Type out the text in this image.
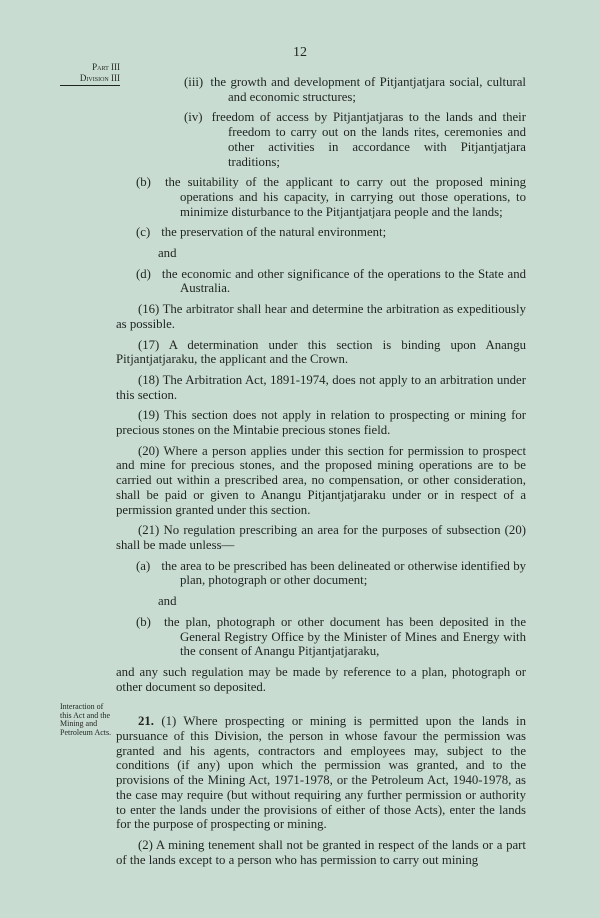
12

Part III
Division III
Interaction of this Act and the Mining and Petroleum Acts.

(iii) the growth and development of Pitjantjatjara social, cultural and economic structures;

(iv) freedom of access by Pitjantjatjaras to the lands and their freedom to carry out on the lands rites, ceremonies and other activities in accordance with Pitjantjatjara traditions;

(b) the suitability of the applicant to carry out the proposed mining operations and his capacity, in carrying out those operations, to minimize disturbance to the Pitjantjatjara people and the lands;

(c) the preservation of the natural environment;

and

(d) the economic and other significance of the operations to the State and Australia.

(16) The arbitrator shall hear and determine the arbitration as expeditiously as possible.

(17) A determination under this section is binding upon Anangu Pitjantjatjaraku, the applicant and the Crown.

(18) The Arbitration Act, 1891-1974, does not apply to an arbitration under this section.

(19) This section does not apply in relation to prospecting or mining for precious stones on the Mintabie precious stones field.

(20) Where a person applies under this section for permission to prospect and mine for precious stones, and the proposed mining operations are to be carried out within a prescribed area, no compensation, or other consideration, shall be paid or given to Anangu Pitjantjatjaraku under or in respect of a permission granted under this section.

(21) No regulation prescribing an area for the purposes of subsection (20) shall be made unless—

(a) the area to be prescribed has been delineated or otherwise identified by plan, photograph or other document;

and

(b) the plan, photograph or other document has been deposited in the General Registry Office by the Minister of Mines and Energy with the consent of Anangu Pitjantjatjaraku,

and any such regulation may be made by reference to a plan, photograph or other document so deposited.

21. (1) Where prospecting or mining is permitted upon the lands in pursuance of this Division, the person in whose favour the permission was granted and his agents, contractors and employees may, subject to the conditions (if any) upon which the permission was granted, and to the provisions of the Mining Act, 1971-1978, or the Petroleum Act, 1940-1978, as the case may require (but without requiring any further permission or authority to enter the lands under the provisions of either of those Acts), enter the lands for the purpose of prospecting or mining.

(2) A mining tenement shall not be granted in respect of the lands or a part of the lands except to a person who has permission to carry out mining
